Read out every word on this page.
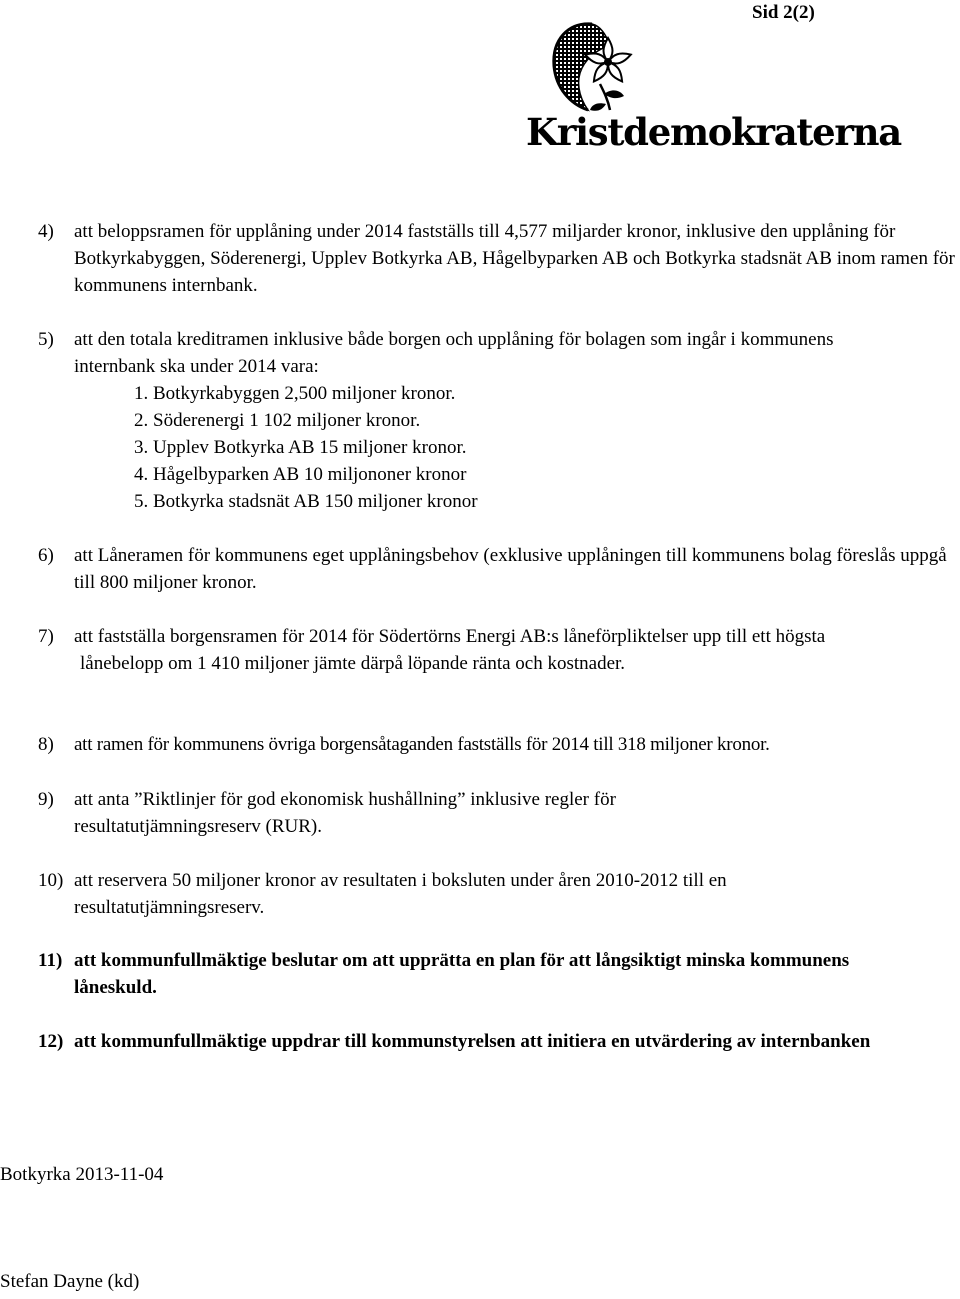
Sid 2(2)
Kristdemokraterna
4) att beloppsramen för upplåning under 2014 fastställs till 4,577 miljarder kronor, inklusive den upplåning för Botkyrkabyggen, Söderenergi, Upplev Botkyrka AB, Hågelbyparken AB och Botkyrka stadsnät AB inom ramen för kommunens internbank.
5) att den totala kreditramen inklusive både borgen och upplåning för bolagen som ingår i kommunens internbank ska under 2014 vara:
1. Botkyrkabyggen 2,500 miljoner kronor.
2. Söderenergi 1 102 miljoner kronor.
3. Upplev Botkyrka AB 15 miljoner kronor.
4. Hågelbyparken AB 10 miljononer kronor
5. Botkyrka stadsnät AB 150 miljoner kronor
6) att Låneramen för kommunens eget upplåningsbehov (exklusive upplåningen till kommunens bolag föreslås uppgå till 800 miljoner kronor.
7) att fastställa borgensramen för 2014 för Södertörns Energi AB:s låneförpliktelser upp till ett högsta
lånebelopp om 1 410 miljoner jämte därpå löpande ränta och kostnader.
8) att ramen för kommunens övriga borgensåtaganden fastställs för 2014 till 318 miljoner kronor.
9) att anta ”Riktlinjer för god ekonomisk hushållning” inklusive regler för resultatutjämningsreserv (RUR).
10) att reservera 50 miljoner kronor av resultaten i boksluten under åren 2010-2012 till en resultatutjämningsreserv.
11) att kommunfullmäktige beslutar om att upprätta en plan för att långsiktigt minska kommunens låneskuld.
12) att kommunfullmäktige uppdrar till kommunstyrelsen att initiera en utvärdering av internbanken
Botkyrka 2013-11-04
Stefan Dayne (kd)
